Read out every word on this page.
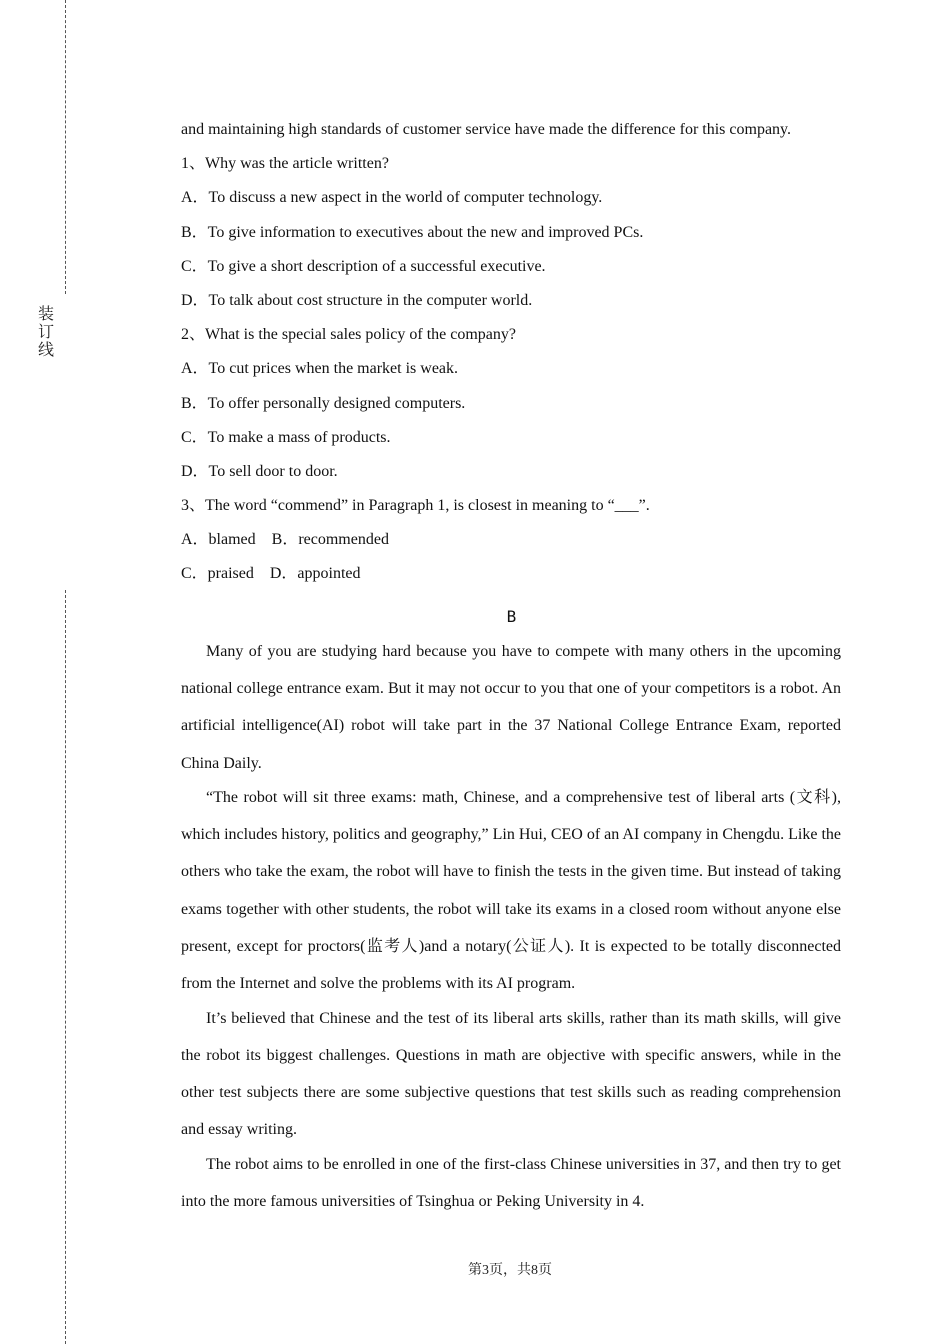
装
订
线
and maintaining high standards of customer service have made the difference for this company.
1、Why was the article written?
A．To discuss a new aspect in the world of computer technology.
B．To give information to executives about the new and improved PCs.
C．To give a short description of a successful executive.
D．To talk about cost structure in the computer world.
2、What is the special sales policy of the company?
A．To cut prices when the market is weak.
B．To offer personally designed computers.
C．To make a mass of products.
D．To sell door to door.
3、The word “commend” in Paragraph 1, is closest in meaning to “___”.
A．blamed　B．recommended
C．praised　D．appointed
B
Many of you are studying hard because you have to compete with many others in the upcoming national college entrance exam. But it may not occur to you that one of your competitors is a robot. An artificial intelligence(AI) robot will take part in the 37 National College Entrance Exam, reported China Daily.
“The robot will sit three exams: math, Chinese, and a comprehensive test of liberal arts (文科), which includes history, politics and geography,” Lin Hui, CEO of an AI company in Chengdu. Like the others who take the exam, the robot will have to finish the tests in the given time. But instead of taking exams together with other students, the robot will take its exams in a closed room without anyone else present, except for proctors(监考人)and a notary(公证人). It is expected to be totally disconnected from the Internet and solve the problems with its AI program.
It’s believed that Chinese and the test of its liberal arts skills, rather than its math skills, will give the robot its biggest challenges. Questions in math are objective with specific answers, while in the other test subjects there are some subjective questions that test skills such as reading comprehension and essay writing.
The robot aims to be enrolled in one of the first-class Chinese universities in 37, and then try to get into the more famous universities of Tsinghua or Peking University in 4.
第3页，共8页
